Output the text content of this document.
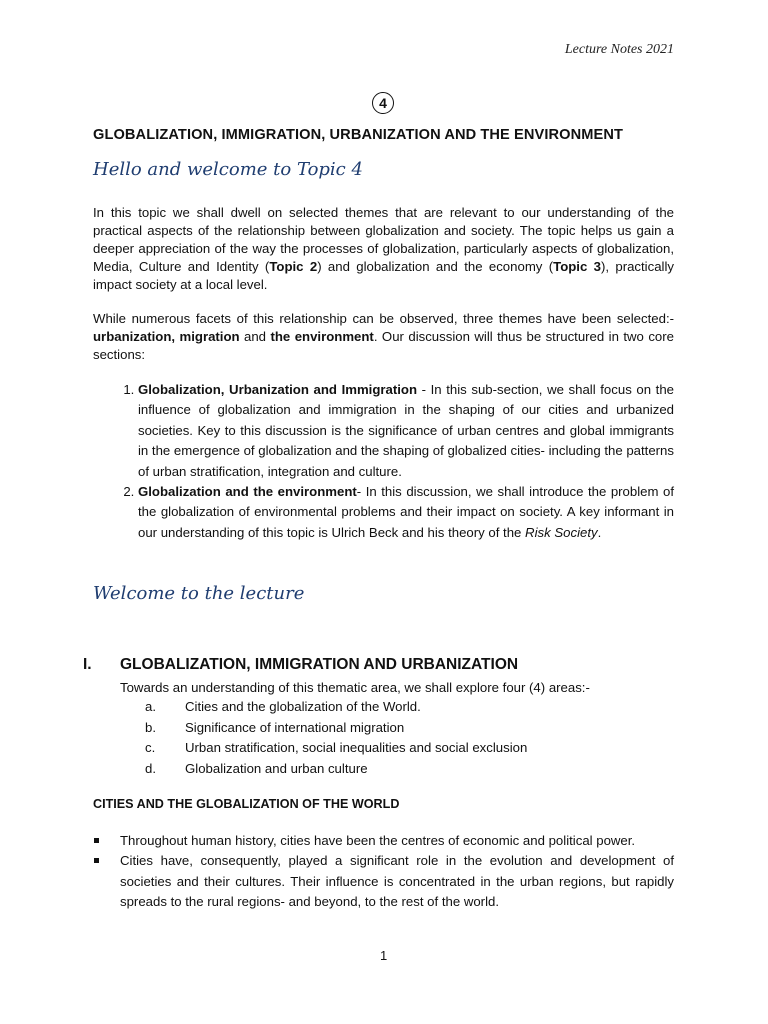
Lecture Notes 2021
4
GLOBALIZATION, IMMIGRATION, URBANIZATION AND THE ENVIRONMENT
Hello and welcome to Topic 4
In this topic we shall dwell on selected themes that are relevant to our understanding of the practical aspects of the relationship between globalization and society. The topic helps us gain a deeper appreciation of the way the processes of globalization, particularly aspects of globalization, Media, Culture and Identity (Topic 2) and globalization and the economy (Topic 3), practically impact society at a local level.
While numerous facets of this relationship can be observed, three themes have been selected:- urbanization, migration and the environment. Our discussion will thus be structured in two core sections:
1. Globalization, Urbanization and Immigration - In this sub-section, we shall focus on the influence of globalization and immigration in the shaping of our cities and urbanized societies. Key to this discussion is the significance of urban centres and global immigrants in the emergence of globalization and the shaping of globalized cities- including the patterns of urban stratification, integration and culture.
2. Globalization and the environment- In this discussion, we shall introduce the problem of the globalization of environmental problems and their impact on society. A key informant in our understanding of this topic is Ulrich Beck and his theory of the Risk Society.
Welcome to the lecture
I. GLOBALIZATION, IMMIGRATION AND URBANIZATION
Towards an understanding of this thematic area, we shall explore four (4) areas:-
a.	Cities and the globalization of the World.
b.	Significance of international migration
c.	Urban stratification, social inequalities and social exclusion
d.	Globalization and urban culture
CITIES AND THE GLOBALIZATION OF THE WORLD
Throughout human history, cities have been the centres of economic and political power.
Cities have, consequently, played a significant role in the evolution and development of societies and their cultures. Their influence is concentrated in the urban regions, but rapidly spreads to the rural regions- and beyond, to the rest of the world.
1
